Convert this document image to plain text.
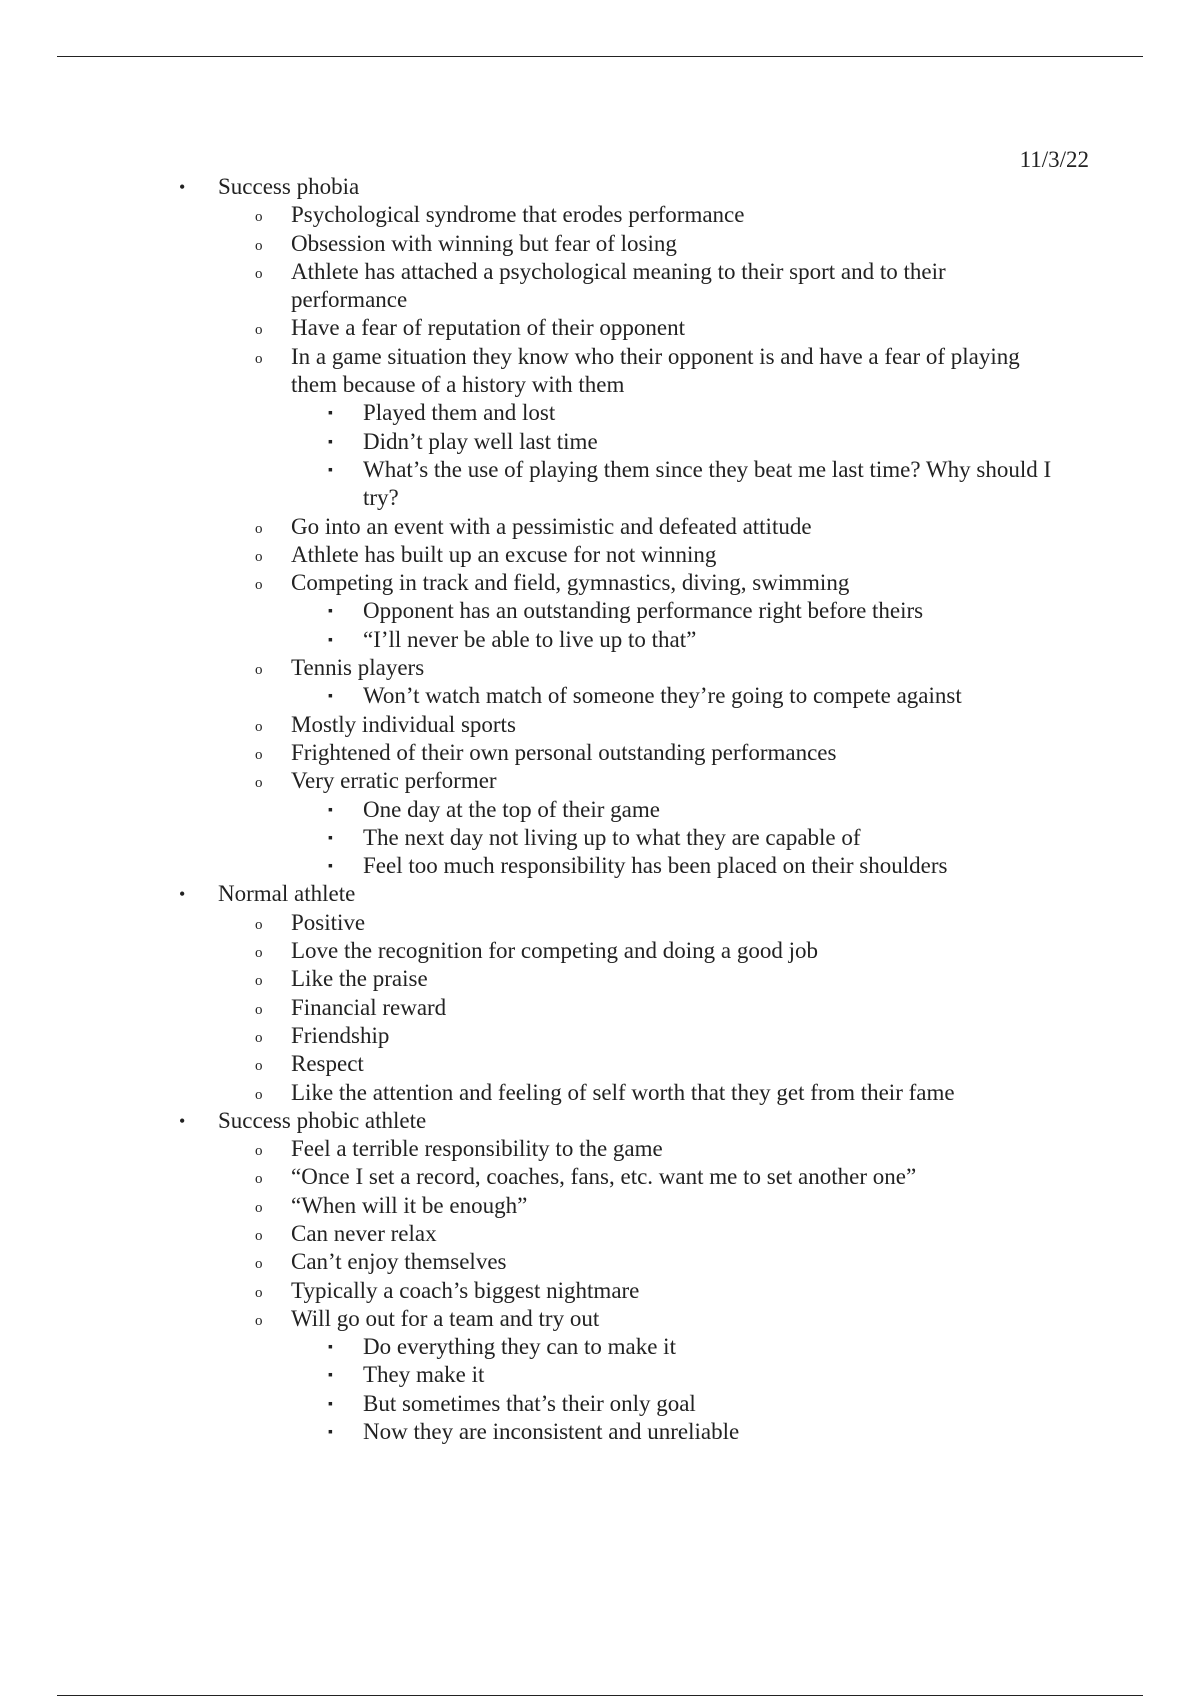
11/3/22
• Success phobia
o Psychological syndrome that erodes performance
o Obsession with winning but fear of losing
o Athlete has attached a psychological meaning to their sport and to their
performance
o Have a fear of reputation of their opponent
o In a game situation they know who their opponent is and have a fear of playing
them because of a history with them
▪ Played them and lost
▪ Didn’t play well last time
▪ What’s the use of playing them since they beat me last time? Why should I
try?
o Go into an event with a pessimistic and defeated attitude
o Athlete has built up an excuse for not winning
o Competing in track and field, gymnastics, diving, swimming
▪ Opponent has an outstanding performance right before theirs
▪ “I’ll never be able to live up to that”
o Tennis players
▪ Won’t watch match of someone they’re going to compete against
o Mostly individual sports
o Frightened of their own personal outstanding performances
o Very erratic performer
▪ One day at the top of their game
▪ The next day not living up to what they are capable of
▪ Feel too much responsibility has been placed on their shoulders
• Normal athlete
o Positive
o Love the recognition for competing and doing a good job
o Like the praise
o Financial reward
o Friendship
o Respect
o Like the attention and feeling of self worth that they get from their fame
• Success phobic athlete
o Feel a terrible responsibility to the game
o “Once I set a record, coaches, fans, etc. want me to set another one”
o “When will it be enough”
o Can never relax
o Can’t enjoy themselves
o Typically a coach’s biggest nightmare
o Will go out for a team and try out
▪ Do everything they can to make it
▪ They make it
▪ But sometimes that’s their only goal
▪ Now they are inconsistent and unreliable
